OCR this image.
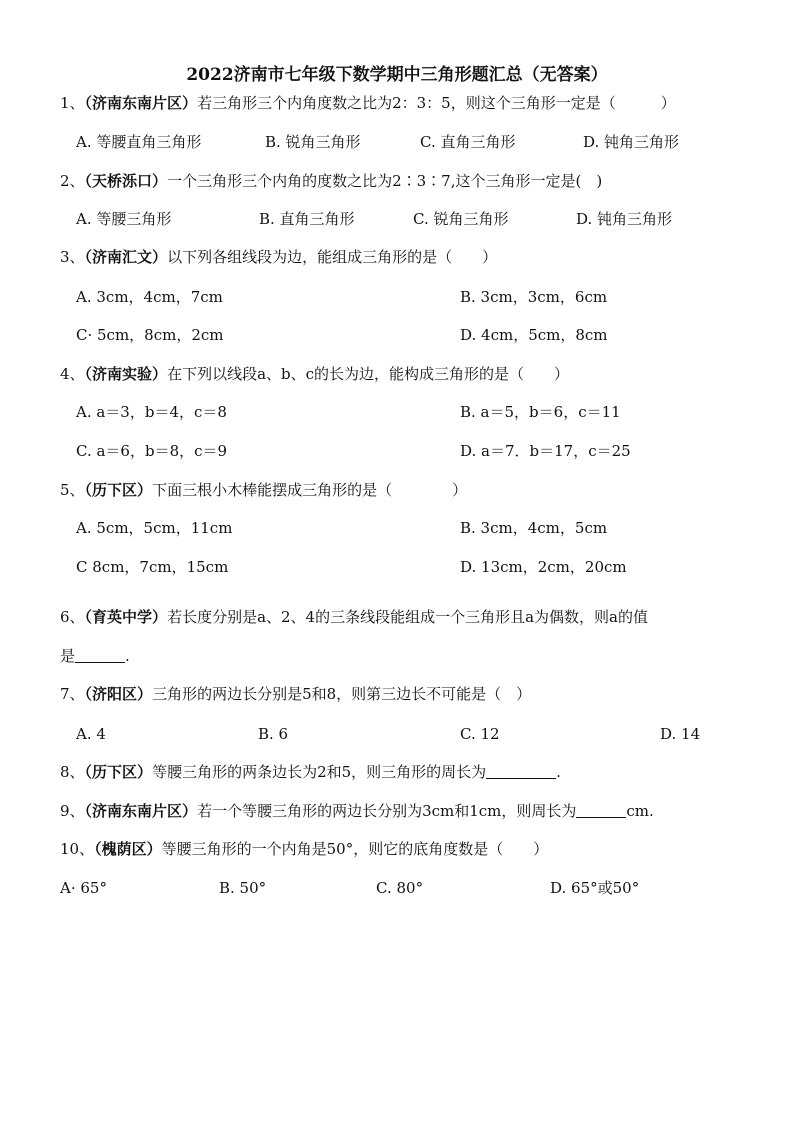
2022济南市七年级下数学期中三角形题汇总（无答案）
1、（济南东南片区）若三角形三个内角度数之比为2：3：5，则这个三角形一定是（　　　）
A. 等腰直角三角形	B. 锐角三角形	C. 直角三角形	D. 钝角三角形
2、（天桥泺口）一个三角形三个内角的度数之比为2∶3∶7,这个三角形一定是(　)
A. 等腰三角形	B. 直角三角形	C. 锐角三角形	D. 钝角三角形
3、（济南汇文）以下列各组线段为边，能组成三角形的是（　　）
A. 3cm，4cm，7cm	B. 3cm，3cm，6cm
C· 5cm，8cm，2cm	D. 4cm，5cm，8cm
4、（济南实验）在下列以线段a、b、c的长为边，能构成三角形的是（　　）
A. a＝3，b＝4，c＝8	B. a＝5，b＝6，c＝11
C. a＝6，b＝8，c＝9	D. a＝7．b＝17，c＝25
5、（历下区）下面三根小木棒能摆成三角形的是（　　　　）
A. 5cm，5cm，11cm	B. 3cm，4cm，5cm
C 8cm，7cm，15cm	D. 13cm，2cm，20cm
6、（育英中学）若长度分别是a、2、4的三条线段能组成一个三角形且a为偶数，则a的值
是	.
7、（济阳区）三角形的两边长分别是5和8，则第三边长不可能是（　）
A. 4	B. 6	C. 12	D. 14
8、（历下区）等腰三角形的两条边长为2和5，则三角形的周长为	.
9、（济南东南片区）若一个等腰三角形的两边长分别为3cm和1cm，则周长为	cm.
10、（槐荫区）等腰三角形的一个内角是50°，则它的底角度数是（　　）
A· 65°	B. 50°	C. 80°	D. 65°或50°
